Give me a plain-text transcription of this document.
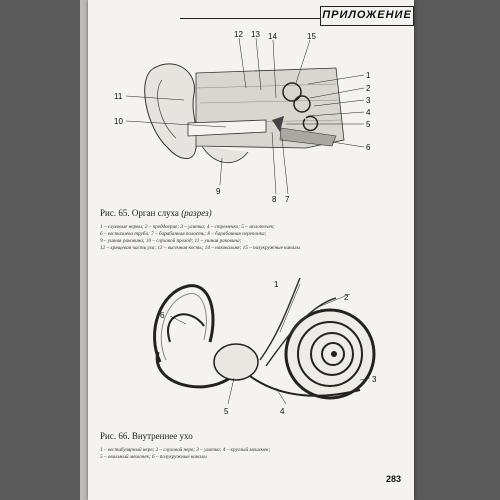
ПРИЛОЖЕНИЕ
12 13 14	15
1
2
3
4
5
6
11
10
9
8 7
Рис. 65. Орган слуха (разрез)
1 – слуховые нервы; 2 – преддверие; 3 – улитка; 4 – стремечко; 5 – молоточек;
6 – евстахиева труба; 7 – барабанная полость; 8 – барабанная перепонка;
9 – ушная раковина; 10 – слуховой проход; 11 – ушная раковина;
12 – хрящевая часть уха; 13 – височная кость; 14 – наковальня; 15 – полукружные каналы
1
2
6
3
5	4
Рис. 66. Внутреннее ухо
1 – вестибулярный нерв; 2 – слуховой нерв; 3 – улитка; 4 – круглый мешочек;
5 – овальный мешочек; 6 – полукружные каналы
283
